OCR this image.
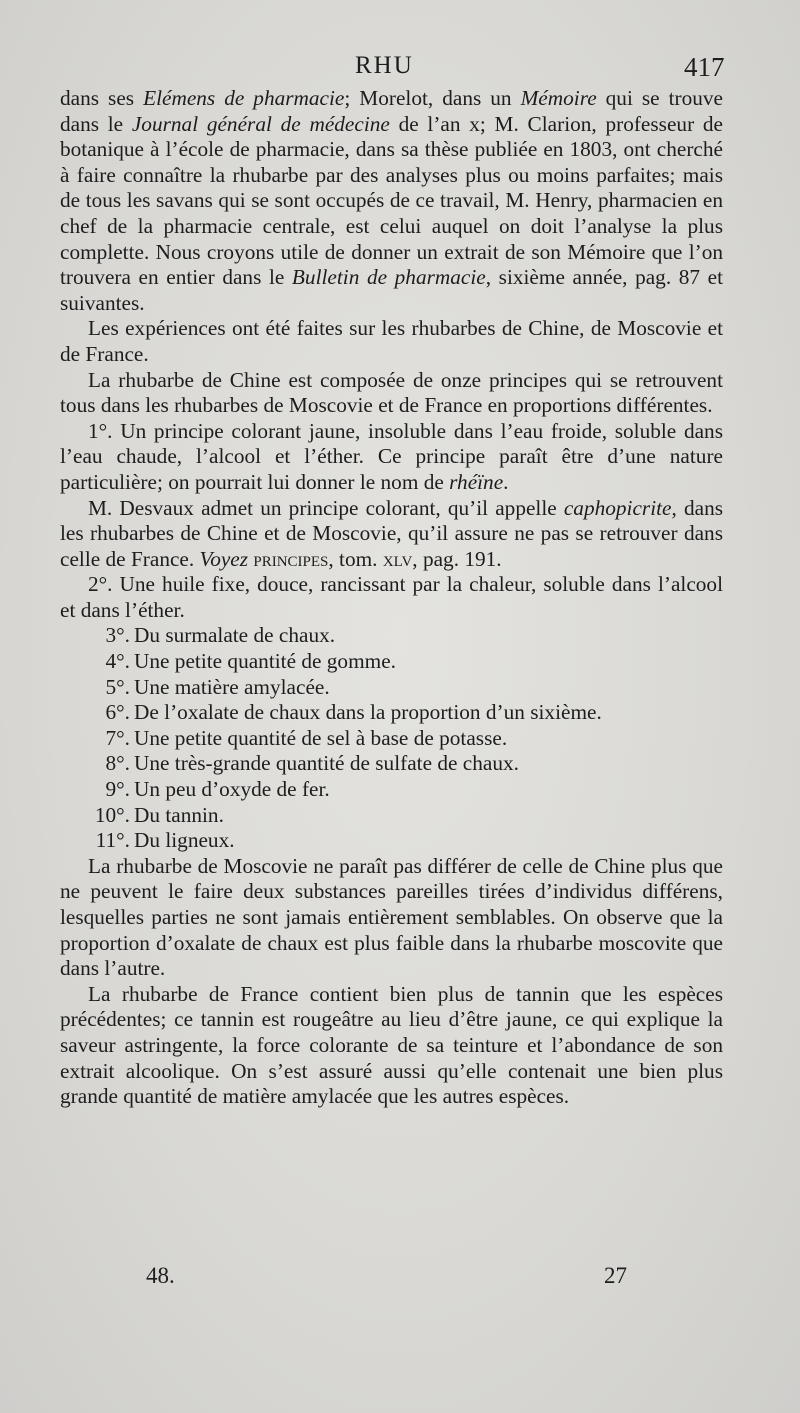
RHU	417

dans ses Elémens de pharmacie; Morelot, dans un Mémoire qui se trouve dans le Journal général de médecine de l’an x; M. Clarion, professeur de botanique à l’école de pharmacie, dans sa thèse publiée en 1803, ont cherché à faire connaître la rhubarbe par des analyses plus ou moins parfaites; mais de tous les savans qui se sont occupés de ce travail, M. Henry, pharmacien en chef de la pharmacie centrale, est celui auquel on doit l’analyse la plus complette. Nous croyons utile de donner un extrait de son Mémoire que l’on trouvera en entier dans le Bulletin de pharmacie, sixième année, pag. 87 et suivantes.

Les expériences ont été faites sur les rhubarbes de Chine, de Moscovie et de France.

La rhubarbe de Chine est composée de onze principes qui se retrouvent tous dans les rhubarbes de Moscovie et de France en proportions différentes.

1°. Un principe colorant jaune, insoluble dans l’eau froide, soluble dans l’eau chaude, l’alcool et l’éther. Ce principe paraît être d’une nature particulière; on pourrait lui donner le nom de rhéïne.

M. Desvaux admet un principe colorant, qu’il appelle caphopicrite, dans les rhubarbes de Chine et de Moscovie, qu’il assure ne pas se retrouver dans celle de France. Voyez principes, tom. xlv, pag. 191.

2°. Une huile fixe, douce, rancissant par la chaleur, soluble dans l’alcool et dans l’éther.

3°. Du surmalate de chaux.

4°. Une petite quantité de gomme.

5°. Une matière amylacée.

6°. De l’oxalate de chaux dans la proportion d’un sixième.

7°. Une petite quantité de sel à base de potasse.

8°. Une très-grande quantité de sulfate de chaux.

9°. Un peu d’oxyde de fer.

10°. Du tannin.

11°. Du ligneux.

La rhubarbe de Moscovie ne paraît pas différer de celle de Chine plus que ne peuvent le faire deux substances pareilles tirées d’individus différens, lesquelles parties ne sont jamais entièrement semblables. On observe que la proportion d’oxalate de chaux est plus faible dans la rhubarbe moscovite que dans l’autre.

La rhubarbe de France contient bien plus de tannin que les espèces précédentes; ce tannin est rougeâtre au lieu d’être jaune, ce qui explique la saveur astringente, la force colorante de sa teinture et l’abondance de son extrait alcoolique. On s’est assuré aussi qu’elle contenait une bien plus grande quantité de matière amylacée que les autres espèces.

48.	27
